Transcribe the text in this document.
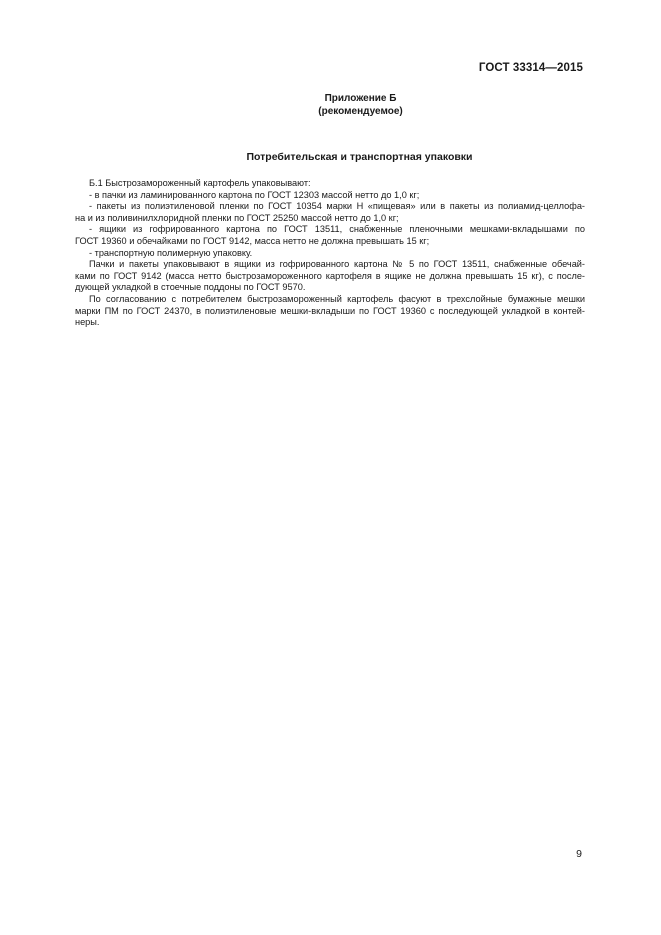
ГОСТ 33314—2015
Приложение Б
(рекомендуемое)
Потребительская и транспортная упаковки

Б.1 Быстрозамороженный картофель упаковывают:

- в пачки из ламинированного картона по ГОСТ 12303 массой нетто до 1,0 кг;

- пакеты из полиэтиленовой пленки по ГОСТ 10354 марки Н «пищевая» или в пакеты из полиамид-целлофа-

на и из поливинилхлоридной пленки по ГОСТ 25250 массой нетто до 1,0 кг;

- ящики из гофрированного картона по ГОСТ 13511, снабженные пленочными мешками-вкладышами по

ГОСТ 19360 и обечайками по ГОСТ 9142, масса нетто не должна превышать 15 кг;

- транспортную полимерную упаковку.

Пачки и пакеты упаковывают в ящики из гофрированного картона № 5 по ГОСТ 13511, снабженные обечай-

ками по ГОСТ 9142 (масса нетто быстрозамороженного картофеля в ящике не должна превышать 15 кг), с после-

дующей укладкой в стоечные поддоны по ГОСТ 9570.

По согласованию с потребителем быстрозамороженный картофель фасуют в трехслойные бумажные мешки

марки ПМ по ГОСТ 24370, в полиэтиленовые мешки-вкладыши по ГОСТ 19360 с последующей укладкой в контей-

неры.

9
